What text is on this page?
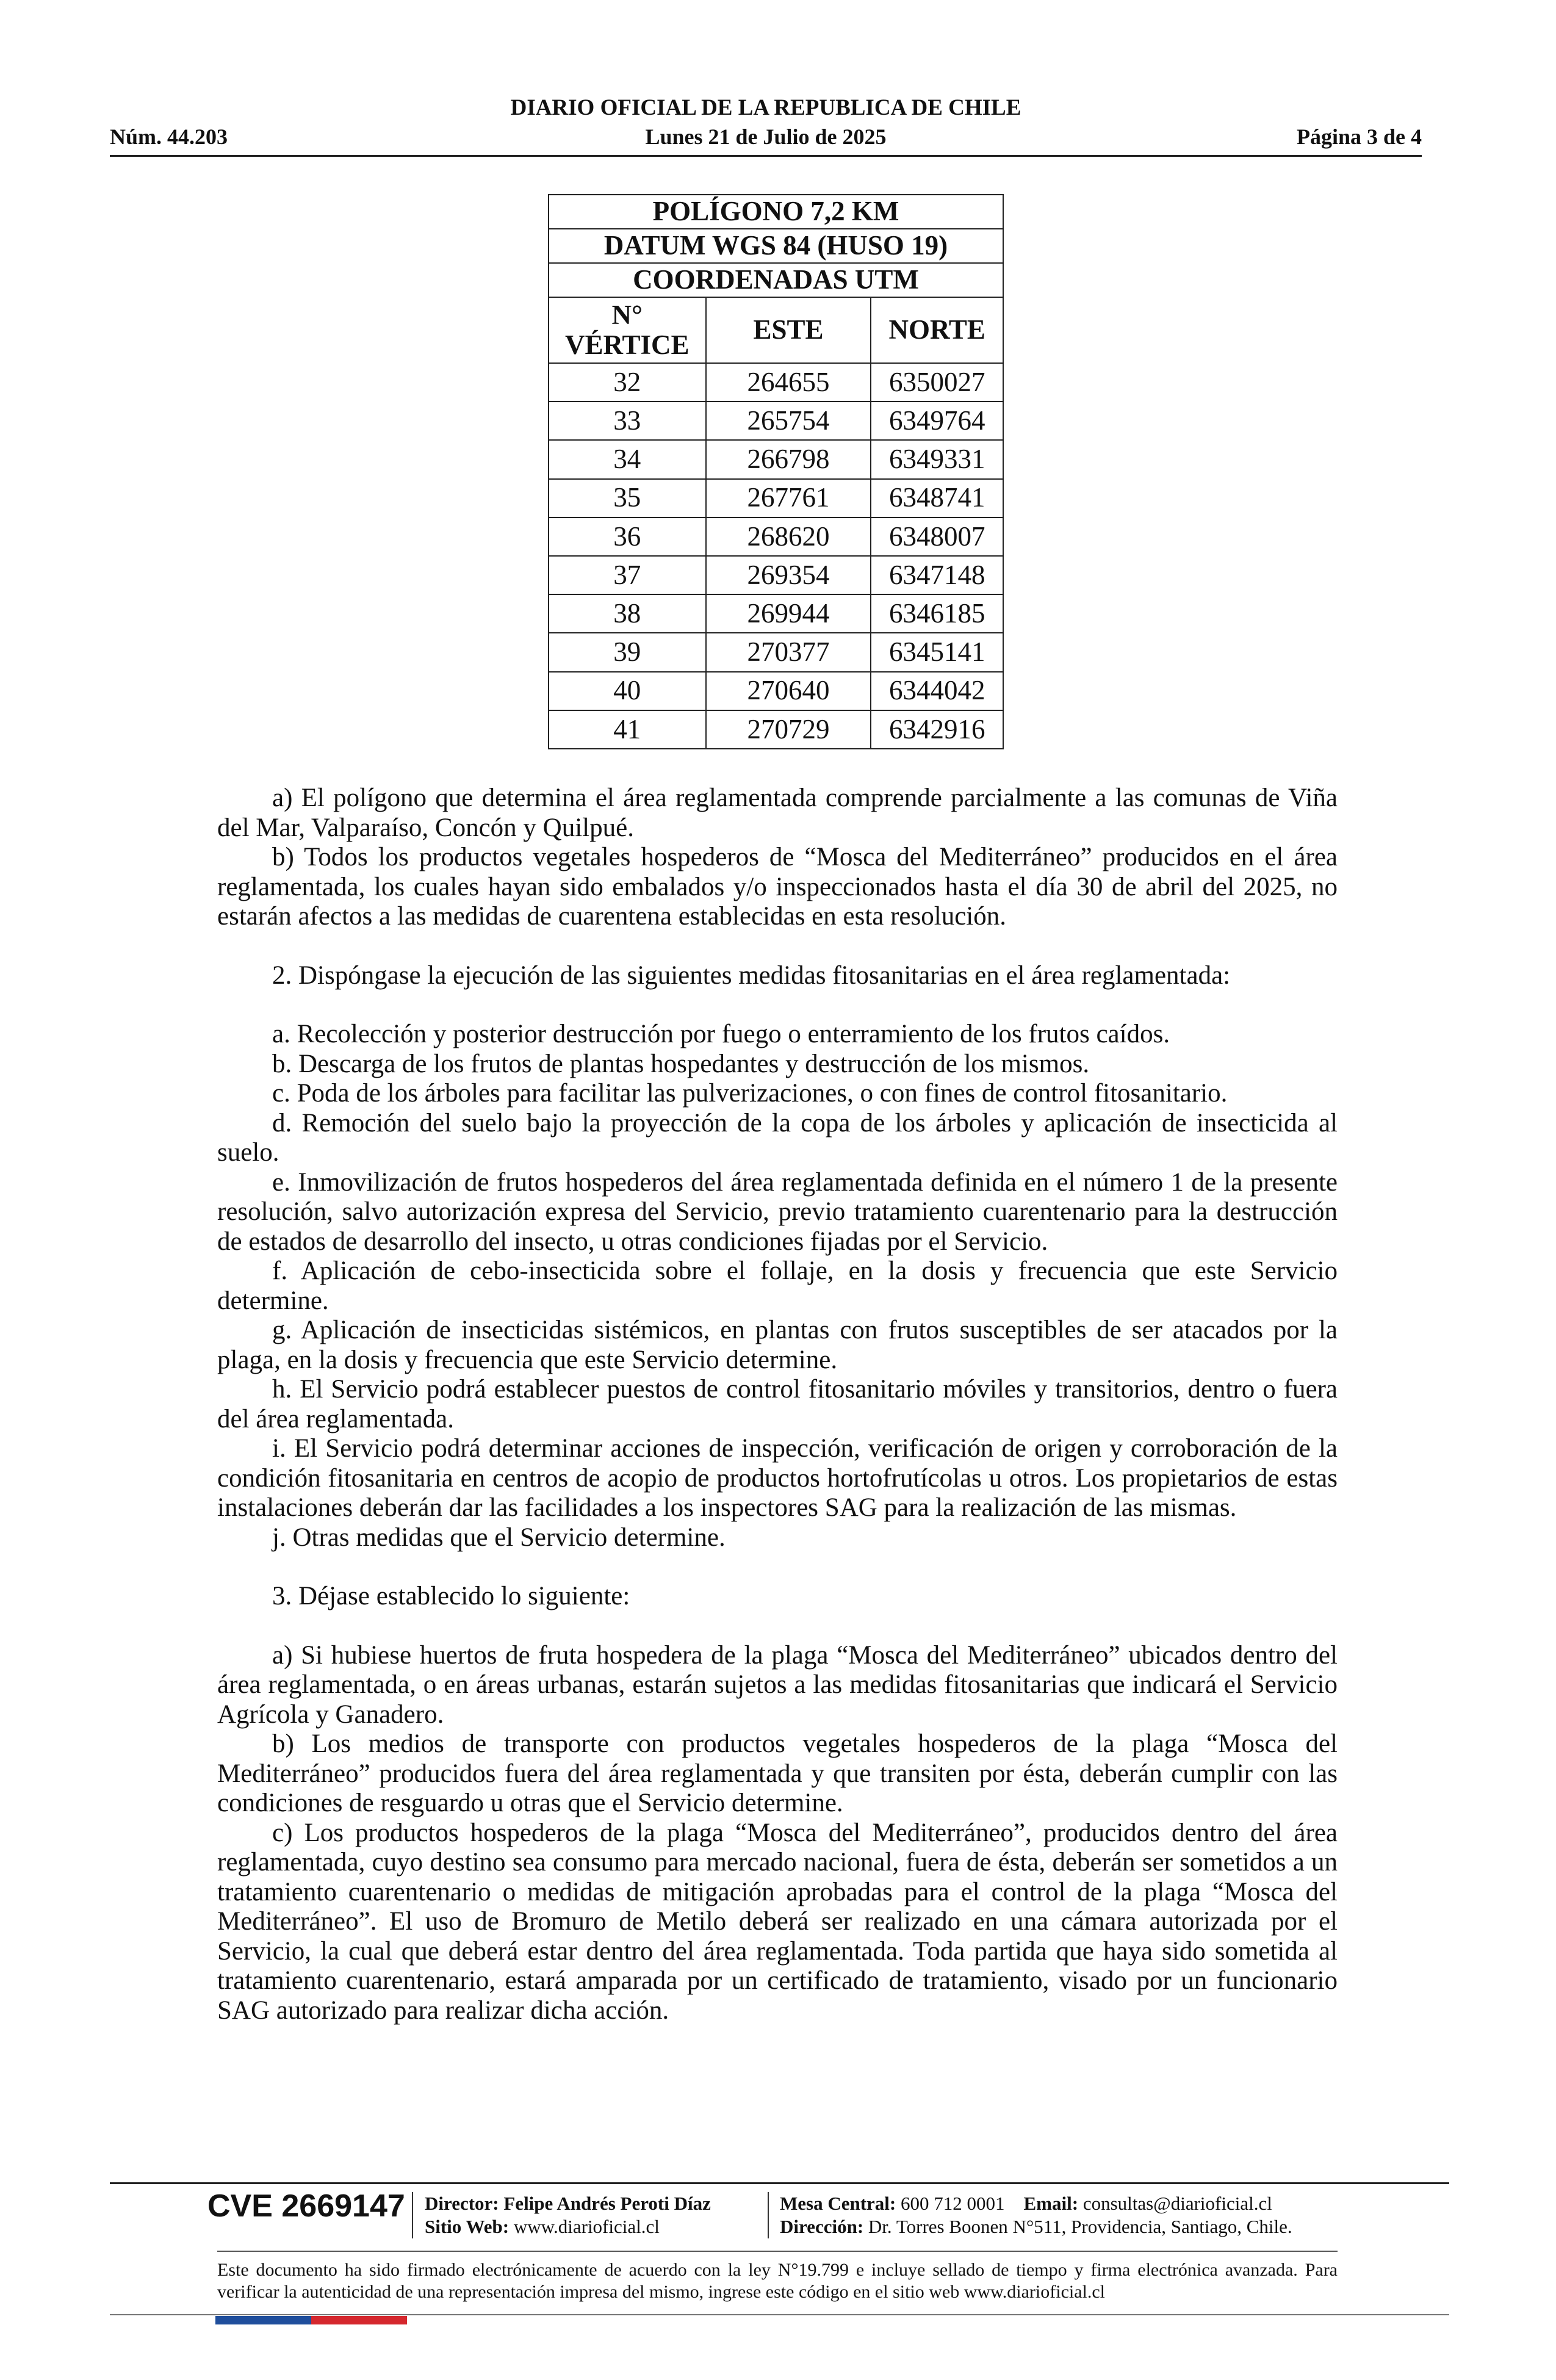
DIARIO OFICIAL DE LA REPUBLICA DE CHILE
Núm. 44.203	Lunes 21 de Julio de 2025	Página 3 de 4
POLÍGONO 7,2 KM		
DATUM WGS 84 (HUSO 19)		
COORDENADAS UTM		
N°
VÉRTICE	ESTE	NORTE
32	264655	6350027
33	265754	6349764
34	266798	6349331
35	267761	6348741
36	268620	6348007
37	269354	6347148
38	269944	6346185
39	270377	6345141
40	270640	6344042
41	270729	6342916

a) El polígono que determina el área reglamentada comprende parcialmente a las comunas de Viña del Mar, Valparaíso, Concón y Quilpué.

b) Todos los productos vegetales hospederos de “Mosca del Mediterráneo” producidos en el área reglamentada, los cuales hayan sido embalados y/o inspeccionados hasta el día 30 de abril del 2025, no estarán afectos a las medidas de cuarentena establecidas en esta resolución.

2. Dispóngase la ejecución de las siguientes medidas fitosanitarias en el área reglamentada:

a. Recolección y posterior destrucción por fuego o enterramiento de los frutos caídos.

b. Descarga de los frutos de plantas hospedantes y destrucción de los mismos.

c. Poda de los árboles para facilitar las pulverizaciones, o con fines de control fitosanitario.

d. Remoción del suelo bajo la proyección de la copa de los árboles y aplicación de insecticida al suelo.

e. Inmovilización de frutos hospederos del área reglamentada definida en el número 1 de la presente resolución, salvo autorización expresa del Servicio, previo tratamiento cuarentenario para la destrucción de estados de desarrollo del insecto, u otras condiciones fijadas por el Servicio.

f. Aplicación de cebo-insecticida sobre el follaje, en la dosis y frecuencia que este Servicio determine.

g. Aplicación de insecticidas sistémicos, en plantas con frutos susceptibles de ser atacados por la plaga, en la dosis y frecuencia que este Servicio determine.

h. El Servicio podrá establecer puestos de control fitosanitario móviles y transitorios, dentro o fuera del área reglamentada.

i. El Servicio podrá determinar acciones de inspección, verificación de origen y corroboración de la condición fitosanitaria en centros de acopio de productos hortofrutícolas u otros. Los propietarios de estas instalaciones deberán dar las facilidades a los inspectores SAG para la realización de las mismas.

j. Otras medidas que el Servicio determine.

3. Déjase establecido lo siguiente:

a) Si hubiese huertos de fruta hospedera de la plaga “Mosca del Mediterráneo” ubicados dentro del área reglamentada, o en áreas urbanas, estarán sujetos a las medidas fitosanitarias que indicará el Servicio Agrícola y Ganadero.

b) Los medios de transporte con productos vegetales hospederos de la plaga “Mosca del Mediterráneo” producidos fuera del área reglamentada y que transiten por ésta, deberán cumplir con las condiciones de resguardo u otras que el Servicio determine.

c) Los productos hospederos de la plaga “Mosca del Mediterráneo”, producidos dentro del área reglamentada, cuyo destino sea consumo para mercado nacional, fuera de ésta, deberán ser sometidos a un tratamiento cuarentenario o medidas de mitigación aprobadas para el control de la plaga “Mosca del Mediterráneo”. El uso de Bromuro de Metilo deberá ser realizado en una cámara autorizada por el Servicio, la cual que deberá estar dentro del área reglamentada. Toda partida que haya sido sometida al tratamiento cuarentenario, estará amparada por un certificado de tratamiento, visado por un funcionario SAG autorizado para realizar dicha acción.

CVE 2669147 Director: Felipe Andrés Peroti Díaz
Sitio Web: www.diarioficial.cl
Mesa Central: 600 712 0001 Email: consultas@diarioficial.cl
Dirección: Dr. Torres Boonen N°511, Providencia, Santiago, Chile.
Este documento ha sido firmado electrónicamente de acuerdo con la ley N°19.799 e incluye sellado de tiempo y firma electrónica avanzada. Para verificar la autenticidad de una representación impresa del mismo, ingrese este código en el sitio web www.diarioficial.cl
